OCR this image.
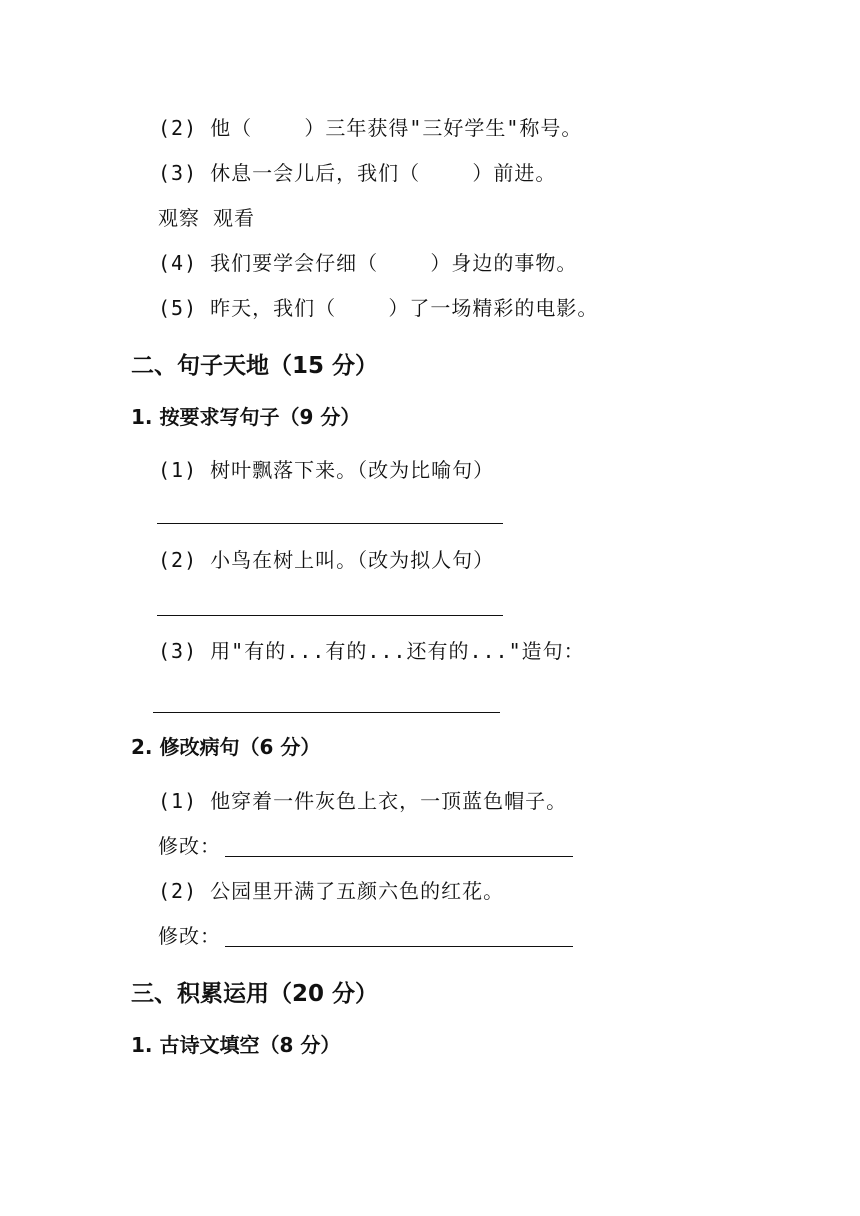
(2) 他（    ）三年获得"三好学生"称号。
(3) 休息一会儿后，我们（    ）前进。
观察 观看
(4) 我们要学会仔细（    ）身边的事物。
(5) 昨天，我们（    ）了一场精彩的电影。
二、句子天地（15 分）
1. 按要求写句子（9 分）
(1) 树叶飘落下来。（改为比喻句）
(2) 小鸟在树上叫。（改为拟人句）
(3) 用"有的...有的...还有的..."造句：
2. 修改病句（6 分）
(1) 他穿着一件灰色上衣，一顶蓝色帽子。
修改：
(2) 公园里开满了五颜六色的红花。
修改：
三、积累运用（20 分）
1. 古诗文填空（8 分）
